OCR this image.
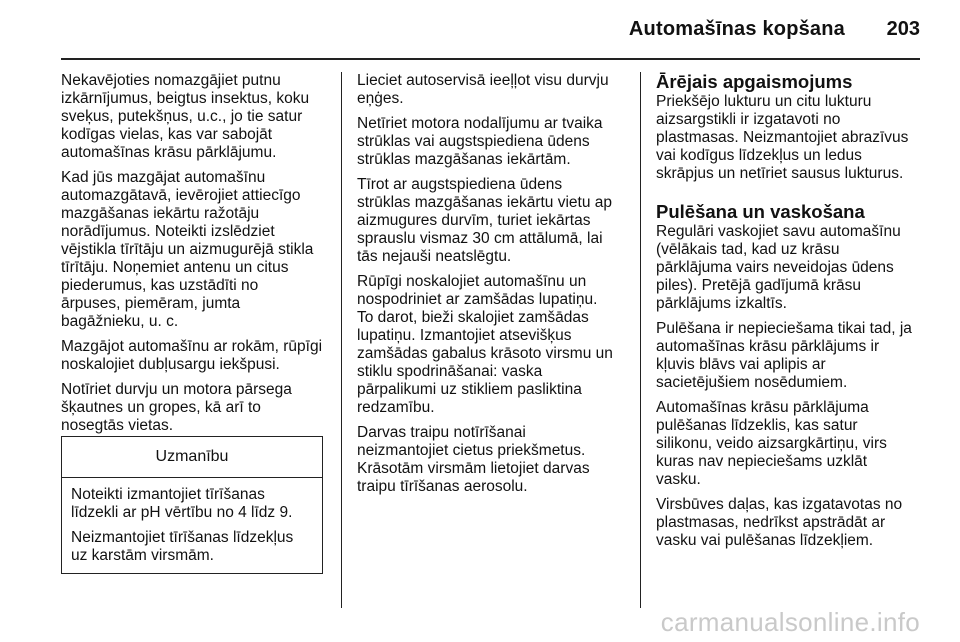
Automašīnas kopšana 203

Nekavējoties nomazgājiet putnu
izkārnījumus, beigtus insektus, koku
sveķus, putekšņus, u.c., jo tie satur
kodīgas vielas, kas var sabojāt
automašīnas krāsu pārklājumu.

Kad jūs mazgājat automašīnu
automazgātavā, ievērojiet attiecīgo
mazgāšanas iekārtu ražotāju
norādījumus. Noteikti izslēdziet
vējstikla tīrītāju un aizmugurējā stikla
tīrītāju. Noņemiet antenu un citus
piederumus, kas uzstādīti no
ārpuses, piemēram, jumta
bagāžnieku, u. c.

Mazgājot automašīnu ar rokām, rūpīgi
noskalojiet dubļusargu iekšpusi.

Notīriet durvju un motora pārsega
šķautnes un gropes, kā arī to
nosegtās vietas.

Uzmanību

Noteikti izmantojiet tīrīšanas
līdzekli ar pH vērtību no 4 līdz 9.

Neizmantojiet tīrīšanas līdzekļus
uz karstām virsmām.

Lieciet autoservisā ieeļļot visu durvju
eņģes.

Netīriet motora nodalījumu ar tvaika
strūklas vai augstspiediena ūdens
strūklas mazgāšanas iekārtām.

Tīrot ar augstspiediena ūdens
strūklas mazgāšanas iekārtu vietu ap
aizmugures durvīm, turiet iekārtas
sprauslu vismaz 30 cm attālumā, lai
tās nejauši neatslēgtu.

Rūpīgi noskalojiet automašīnu un
nospodriniet ar zamšādas lupatiņu.
To darot, bieži skalojiet zamšādas
lupatiņu. Izmantojiet atsevišķus
zamšādas gabalus krāsoto virsmu un
stiklu spodrināšanai: vaska
pārpalikumi uz stikliem pasliktina
redzamību.

Darvas traipu notīrīšanai
neizmantojiet cietus priekšmetus.
Krāsotām virsmām lietojiet darvas
traipu tīrīšanas aerosolu.

Ārējais apgaismojums

Priekšējo lukturu un citu lukturu
aizsargstikli ir izgatavoti no
plastmasas. Neizmantojiet abrazīvus
vai kodīgus līdzekļus un ledus
skrāpjus un netīriet sausus lukturus.

Pulēšana un vaskošana

Regulāri vaskojiet savu automašīnu
(vēlākais tad, kad uz krāsu
pārklājuma vairs neveidojas ūdens
piles). Pretējā gadījumā krāsu
pārklājums izkaltīs.

Pulēšana ir nepieciešama tikai tad, ja
automašīnas krāsu pārklājums ir
kļuvis blāvs vai aplipis ar
sacietējušiem nosēdumiem.

Automašīnas krāsu pārklājuma
pulēšanas līdzeklis, kas satur
silikonu, veido aizsargkārtiņu, virs
kuras nav nepieciešams uzklāt
vasku.

Virsbūves daļas, kas izgatavotas no
plastmasas, nedrīkst apstrādāt ar
vasku vai pulēšanas līdzekļiem.

carmanualsonline.info
